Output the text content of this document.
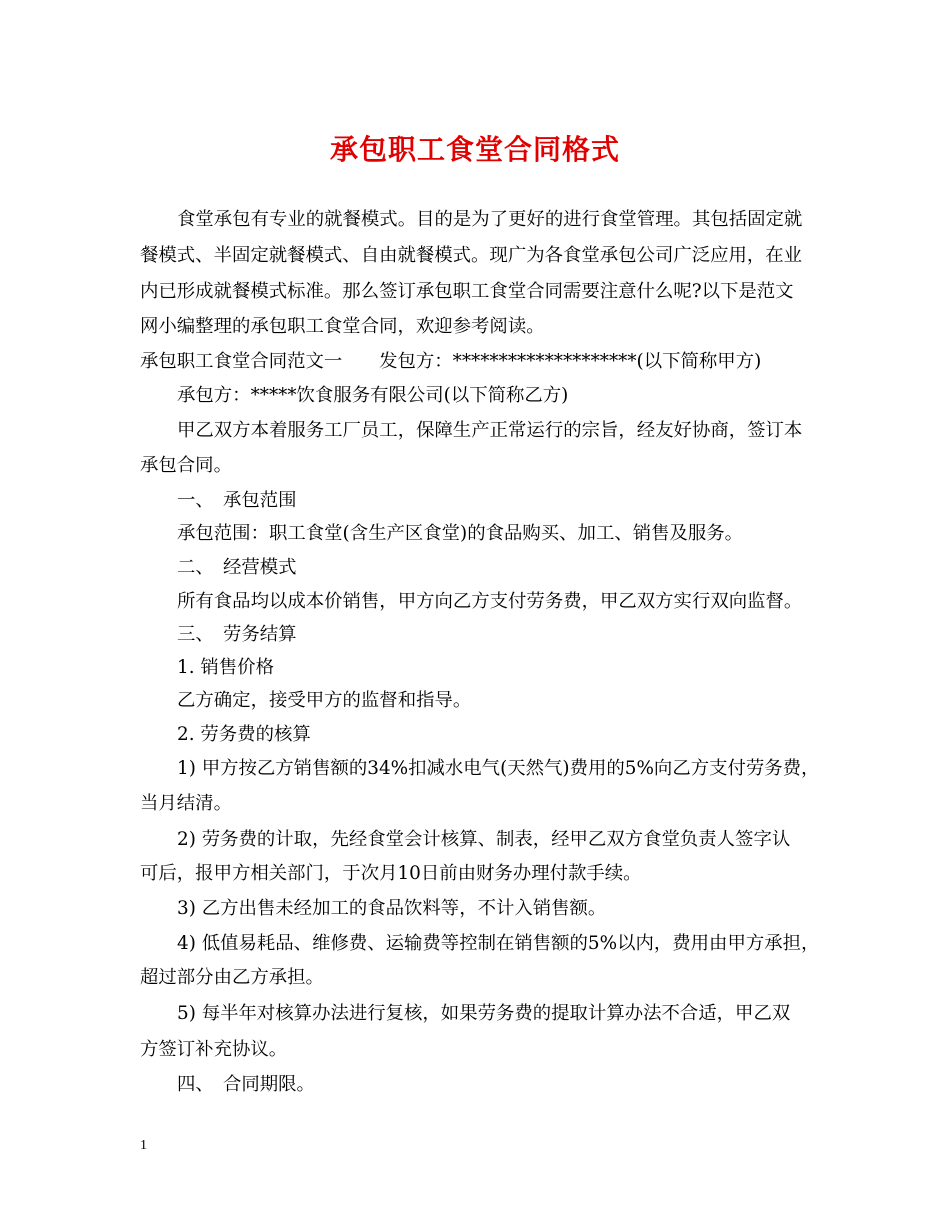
承包职工食堂合同格式
食堂承包有专业的就餐模式。目的是为了更好的进行食堂管理。其包括固定就
餐模式、半固定就餐模式、自由就餐模式。现广为各食堂承包公司广泛应用，在业
内已形成就餐模式标准。那么签订承包职工食堂合同需要注意什么呢?以下是范文
网小编整理的承包职工食堂合同，欢迎参考阅读。
承包职工食堂合同范文一　　发包方：********************(以下简称甲方)
承包方：*****饮食服务有限公司(以下简称乙方)
甲乙双方本着服务工厂员工，保障生产正常运行的宗旨，经友好协商，签订本
承包合同。
一、　承包范围
承包范围：职工食堂(含生产区食堂)的食品购买、加工、销售及服务。
二、　经营模式
所有食品均以成本价销售，甲方向乙方支付劳务费，甲乙双方实行双向监督。
三、　劳务结算
1. 销售价格
乙方确定，接受甲方的监督和指导。
2. 劳务费的核算
1) 甲方按乙方销售额的34%扣减水电气(天然气)费用的5%向乙方支付劳务费，
当月结清。
2) 劳务费的计取，先经食堂会计核算、制表，经甲乙双方食堂负责人签字认
可后，报甲方相关部门，于次月10日前由财务办理付款手续。
3) 乙方出售未经加工的食品饮料等，不计入销售额。
4) 低值易耗品、维修费、运输费等控制在销售额的5%以内，费用由甲方承担，
超过部分由乙方承担。
5) 每半年对核算办法进行复核，如果劳务费的提取计算办法不合适，甲乙双
方签订补充协议。
四、　合同期限。
1
